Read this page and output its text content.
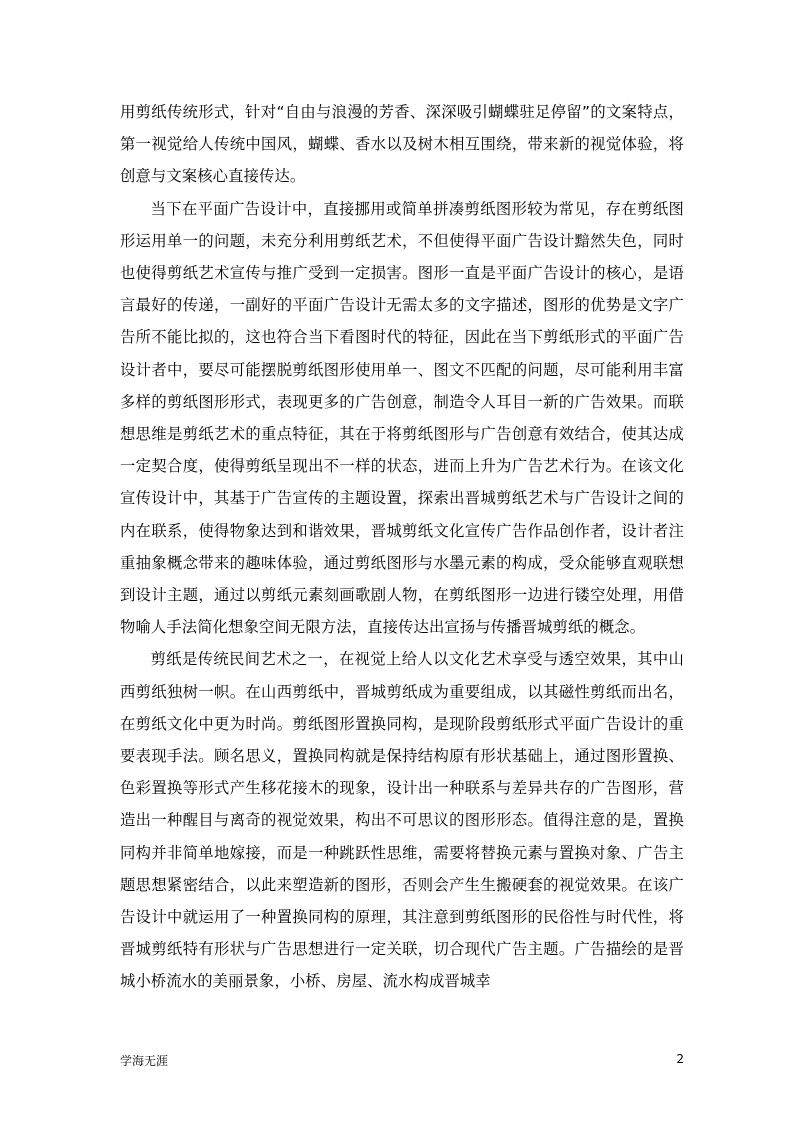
用剪纸传统形式，针对“自由与浪漫的芳香、深深吸引蝴蝶驻足停留”的文案特点，第一视觉给人传统中国风，蝴蝶、香水以及树木相互围绕，带来新的视觉体验，将创意与文案核心直接传达。

当下在平面广告设计中，直接挪用或简单拼凑剪纸图形较为常见，存在剪纸图形运用单一的问题，未充分利用剪纸艺术，不但使得平面广告设计黯然失色，同时也使得剪纸艺术宣传与推广受到一定损害。图形一直是平面广告设计的核心，是语言最好的传递，一副好的平面广告设计无需太多的文字描述，图形的优势是文字广告所不能比拟的，这也符合当下看图时代的特征，因此在当下剪纸形式的平面广告设计者中，要尽可能摆脱剪纸图形使用单一、图文不匹配的问题，尽可能利用丰富多样的剪纸图形形式，表现更多的广告创意，制造令人耳目一新的广告效果。而联想思维是剪纸艺术的重点特征，其在于将剪纸图形与广告创意有效结合，使其达成一定契合度，使得剪纸呈现出不一样的状态，进而上升为广告艺术行为。在该文化宣传设计中，其基于广告宣传的主题设置，探索出晋城剪纸艺术与广告设计之间的内在联系，使得物象达到和谐效果，晋城剪纸文化宣传广告作品创作者，设计者注重抽象概念带来的趣味体验，通过剪纸图形与水墨元素的构成，受众能够直观联想到设计主题，通过以剪纸元素刻画歌剧人物，在剪纸图形一边进行镂空处理，用借物喻人手法简化想象空间无限方法，直接传达出宣扬与传播晋城剪纸的概念。

剪纸是传统民间艺术之一，在视觉上给人以文化艺术享受与透空效果，其中山西剪纸独树一帜。在山西剪纸中，晋城剪纸成为重要组成，以其磁性剪纸而出名，在剪纸文化中更为时尚。剪纸图形置换同构，是现阶段剪纸形式平面广告设计的重要表现手法。顾名思义，置换同构就是保持结构原有形状基础上，通过图形置换、色彩置换等形式产生移花接木的现象，设计出一种联系与差异共存的广告图形，营造出一种醒目与离奇的视觉效果，构出不可思议的图形形态。值得注意的是，置换同构并非简单地嫁接，而是一种跳跃性思维，需要将替换元素与置换对象、广告主题思想紧密结合，以此来塑造新的图形，否则会产生生搬硬套的视觉效果。在该广告设计中就运用了一种置换同构的原理，其注意到剪纸图形的民俗性与时代性，将晋城剪纸特有形状与广告思想进行一定关联，切合现代广告主题。广告描绘的是晋城小桥流水的美丽景象，小桥、房屋、流水构成晋城幸

学海无涯	2
